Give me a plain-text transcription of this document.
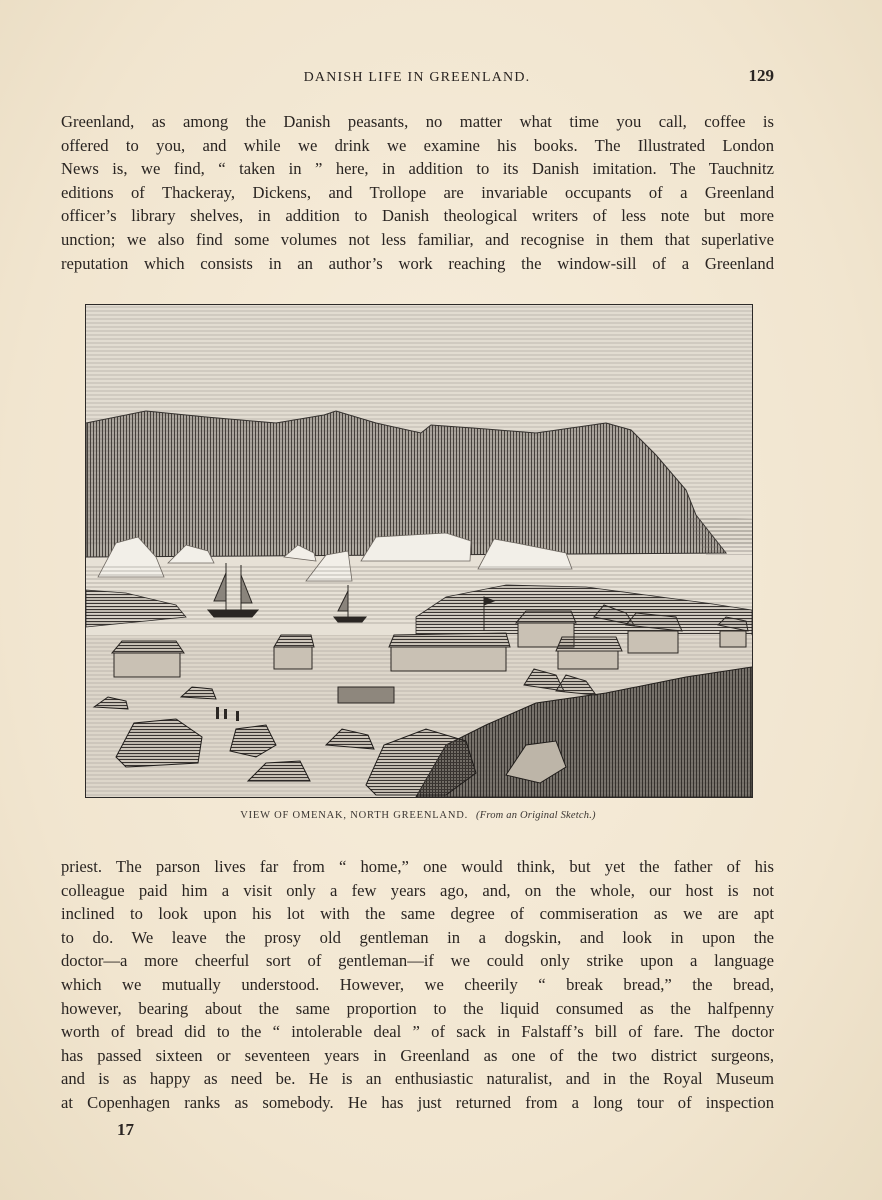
DANISH LIFE IN GREENLAND.	129
Greenland, as among the Danish peasants, no matter what time you call, coffee is
offered to you, and while we drink we examine his books. The Illustrated London
News is, we find, “ taken in ” here, in addition to its Danish imitation. The Tauchnitz
editions of Thackeray, Dickens, and Trollope are invariable occupants of a Greenland
officer’s library shelves, in addition to Danish theological writers of less note but more
unction; we also find some volumes not less familiar, and recognise in them that superlative
reputation which consists in an author’s work reaching the window-sill of a Greenland
VIEW OF OMENAK, NORTH GREENLAND. (From an Original Sketch.)
priest. The parson lives far from “ home,” one would think, but yet the father of his
colleague paid him a visit only a few years ago, and, on the whole, our host is not
inclined to look upon his lot with the same degree of commiseration as we are apt
to do. We leave the prosy old gentleman in a dogskin, and look in upon the
doctor—a more cheerful sort of gentleman—if we could only strike upon a language
which we mutually understood. However, we cheerily “ break bread,” the bread,
however, bearing about the same proportion to the liquid consumed as the halfpenny
worth of bread did to the “ intolerable deal ” of sack in Falstaff’s bill of fare. The doctor
has passed sixteen or seventeen years in Greenland as one of the two district surgeons,
and is as happy as need be. He is an enthusiastic naturalist, and in the Royal Museum
at Copenhagen ranks as somebody. He has just returned from a long tour of inspection
17
